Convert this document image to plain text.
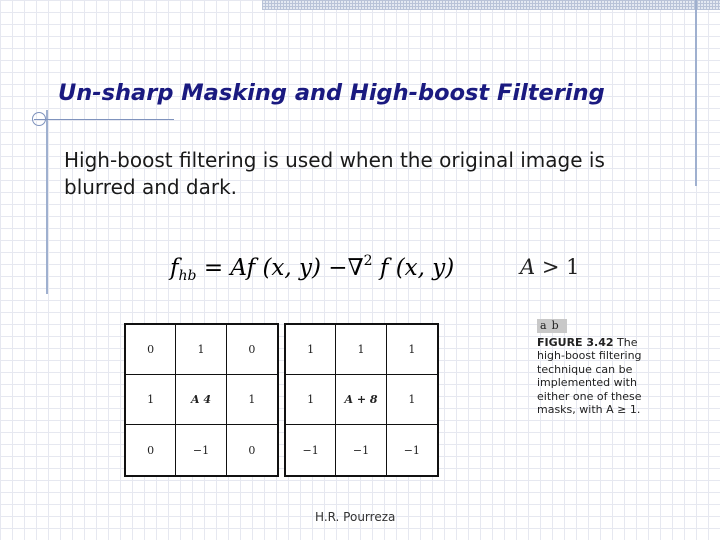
Un-sharp Masking and High-boost Filtering

High-boost filtering is used when the original image is blurred and dark.

$f_{hb} = Af$ (x, y) −∇$^2$ f (x, y)	A > 1
0	1	0
1	A 4	1
0	−1	0
1	1	1
1	A + 8	1
−1	−1	−1
a b
FIGURE 3.42 The high-boost filtering technique can be implemented with either one of these masks, with A ≥ 1.
H.R. Pourreza
